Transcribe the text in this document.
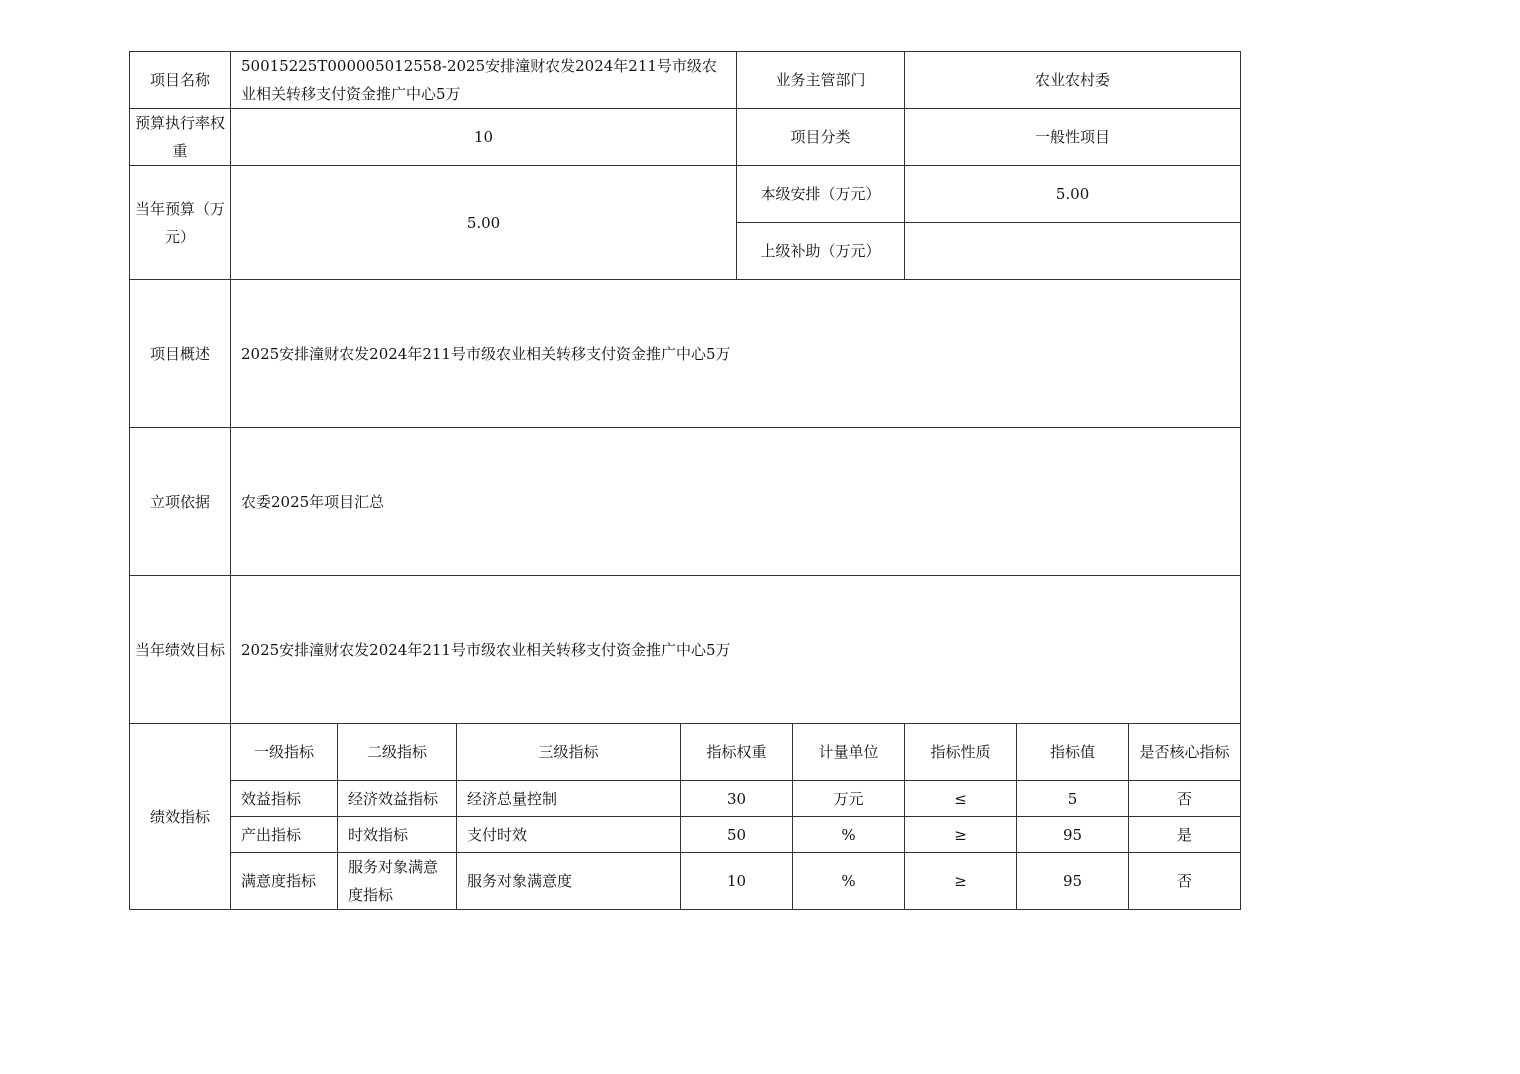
项目名称	50015225T000005012558-2025安排潼财农发2024年211号市级农业相关转移支付资金推广中心5万				业务主管部门		农业农村委		
预算执行率权重	10				项目分类		一般性项目		
当年预算（万元）	5.00				本级安排（万元）		5.00		
					上级补助（万元）				
项目概述	2025安排潼财农发2024年211号市级农业相关转移支付资金推广中心5万								
立项依据	农委2025年项目汇总								
当年绩效目标	2025安排潼财农发2024年211号市级农业相关转移支付资金推广中心5万								
绩效指标	一级指标	二级指标	三级指标	指标权重		计量单位	指标性质	指标值	是否核心指标
	效益指标	经济效益指标	经济总量控制	30		万元	≤	5	否
	产出指标	时效指标	支付时效	50		%	≥	95	是
	满意度指标	服务对象满意度指标	服务对象满意度	10		%	≥	95	否
